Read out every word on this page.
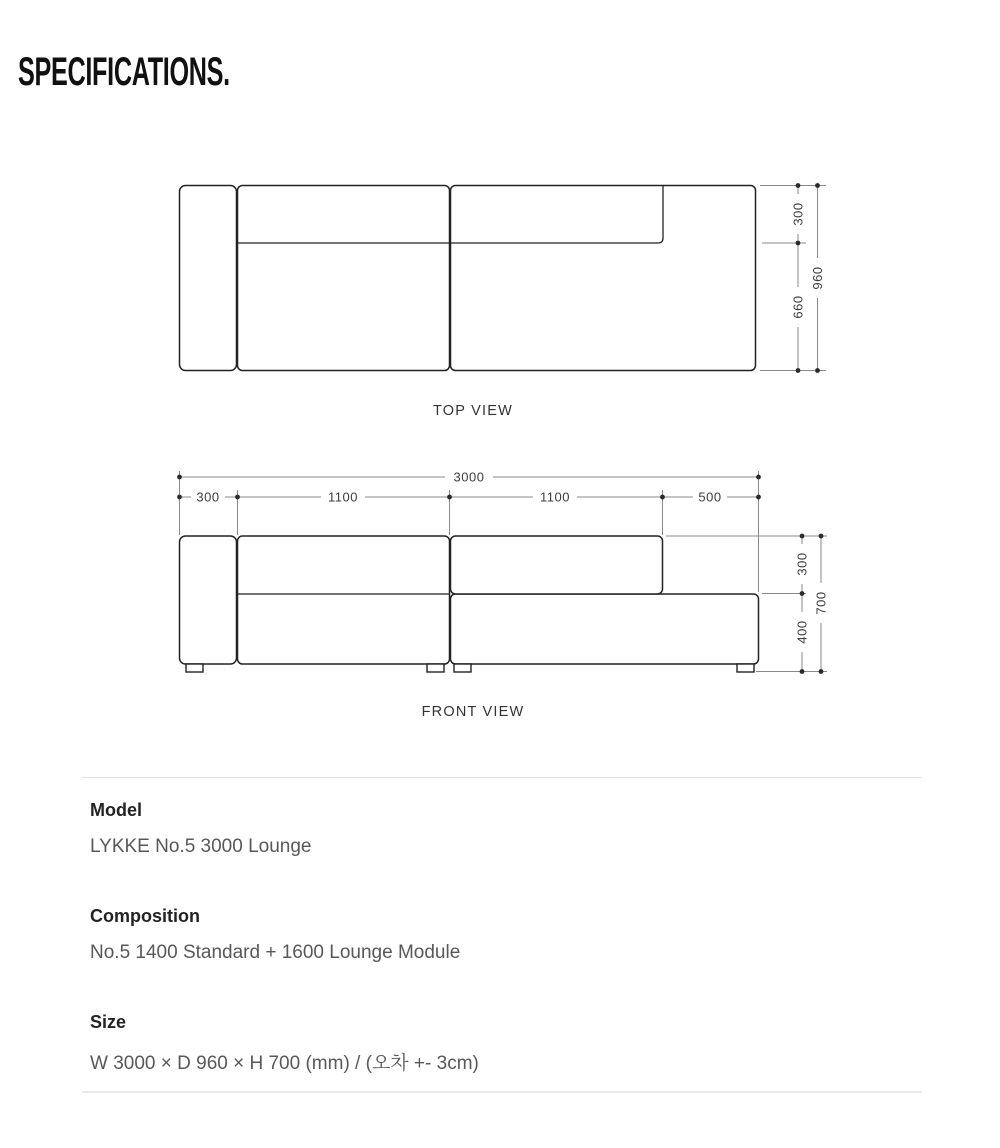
SPECIFICATIONS.
300
660
960
3000
300	1100	1100	500
300
400
700
TOP VIEW
FRONT VIEW

Model

LYKKE No.5 3000 Lounge

Composition

No.5 1400 Standard + 1600 Lounge Module

Size

W 3000 × D 960 × H 700 (mm) / (오차 +- 3cm)
